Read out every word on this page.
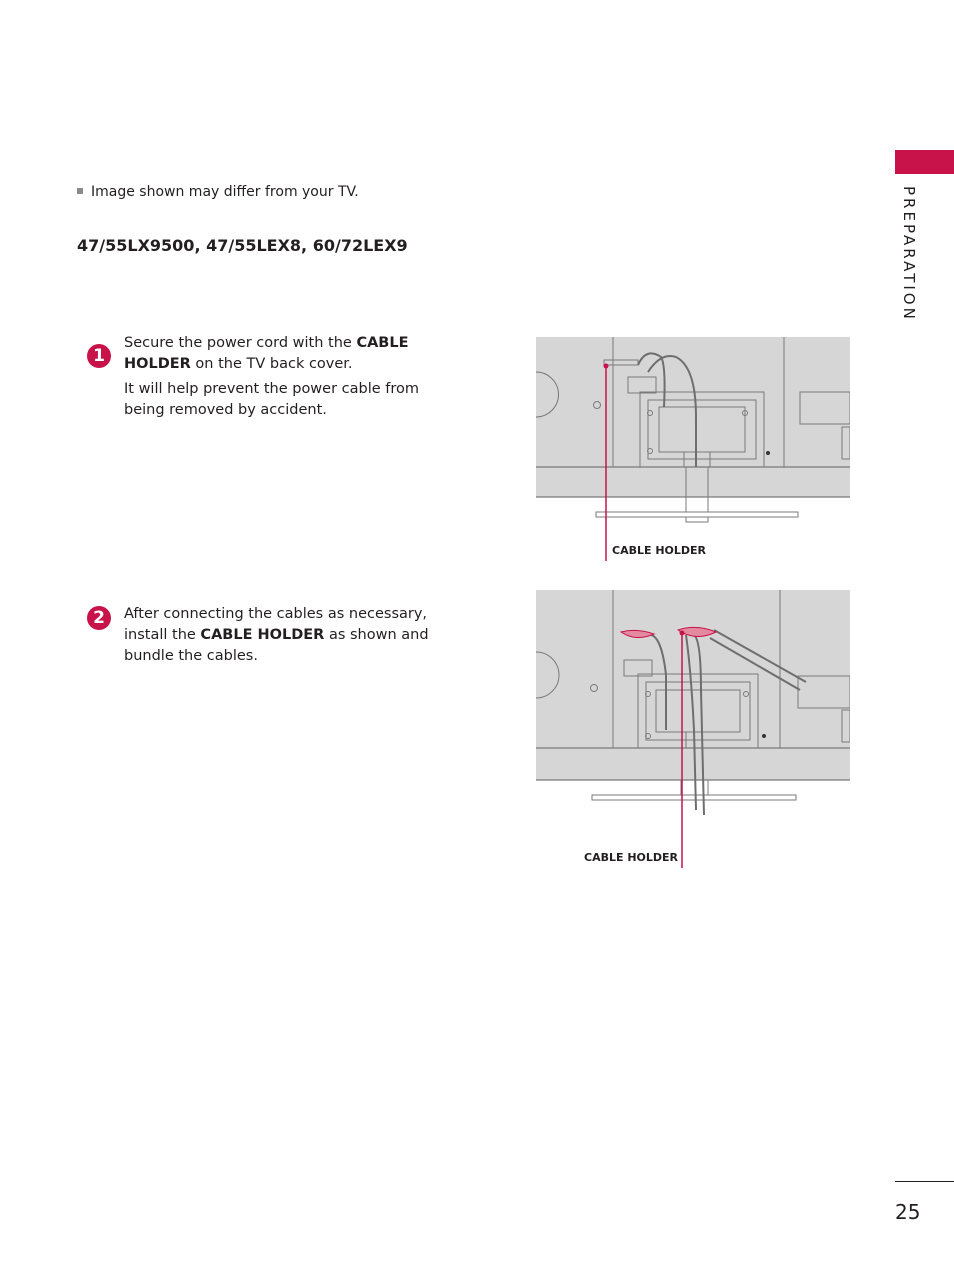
PREPARATION
Image shown may differ from your TV.
47/55LX9500, 47/55LEX8, 60/72LEX9
1

Secure the power cord with the CABLE HOLDER on the TV back cover.

It will help prevent the power cable from being removed by accident.

CABLE HOLDER
2	After connecting the cables as necessary, install the CABLE HOLDER as shown and bundle the cables.

CABLE HOLDER
25
